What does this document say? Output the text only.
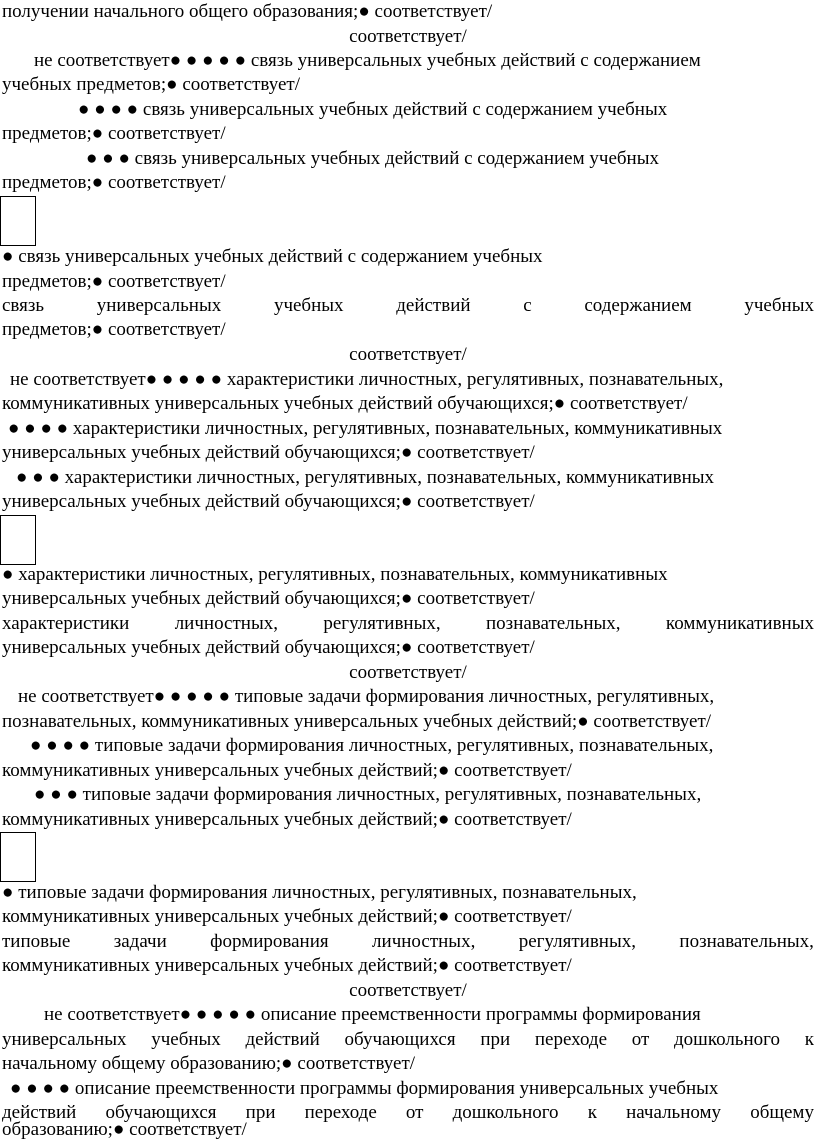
получении начального общего образования;● соответствует/
соответствует/
не соответствует● ● ● ● ● связь универсальных учебных действий с содержанием
учебных предметов;● соответствует/
● ● ● ● связь универсальных учебных действий с содержанием учебных
предметов;● соответствует/
● ● ● связь универсальных учебных действий с содержанием учебных
предметов;● соответствует/
● связь универсальных учебных действий с содержанием учебных
предметов;● соответствует/
связь	универсальных	учебных	действий	с	содержанием	учебных
предметов;● соответствует/
соответствует/
не соответствует● ● ● ● ● характеристики личностных, регулятивных, познавательных,
коммуникативных универсальных учебных действий обучающихся;● соответствует/
● ● ● ● характеристики личностных, регулятивных, познавательных, коммуникативных
универсальных учебных действий обучающихся;● соответствует/
● ● ● характеристики личностных, регулятивных, познавательных, коммуникативных
универсальных учебных действий обучающихся;● соответствует/
● характеристики личностных, регулятивных, познавательных, коммуникативных
универсальных учебных действий обучающихся;● соответствует/
характеристики личностных, регулятивных, познавательных, коммуникативных
универсальных учебных действий обучающихся;● соответствует/
соответствует/
не соответствует● ● ● ● ● типовые задачи формирования личностных, регулятивных,
познавательных, коммуникативных универсальных учебных действий;● соответствует/
● ● ● ● типовые задачи формирования личностных, регулятивных, познавательных,
коммуникативных универсальных учебных действий;● соответствует/
● ● ● типовые задачи формирования личностных, регулятивных, познавательных,
коммуникативных универсальных учебных действий;● соответствует/
● типовые задачи формирования личностных, регулятивных, познавательных,
коммуникативных универсальных учебных действий;● соответствует/
типовые задачи формирования личностных, регулятивных, познавательных,
коммуникативных универсальных учебных действий;● соответствует/
соответствует/
не соответствует● ● ● ● ● описание преемственности программы формирования
универсальных учебных действий обучающихся при переходе от дошкольного к
начальному общему образованию;● соответствует/
● ● ● ● описание преемственности программы формирования универсальных учебных
действий обучающихся при переходе от дошкольного к начальному общему
образованию;● соответствует/
